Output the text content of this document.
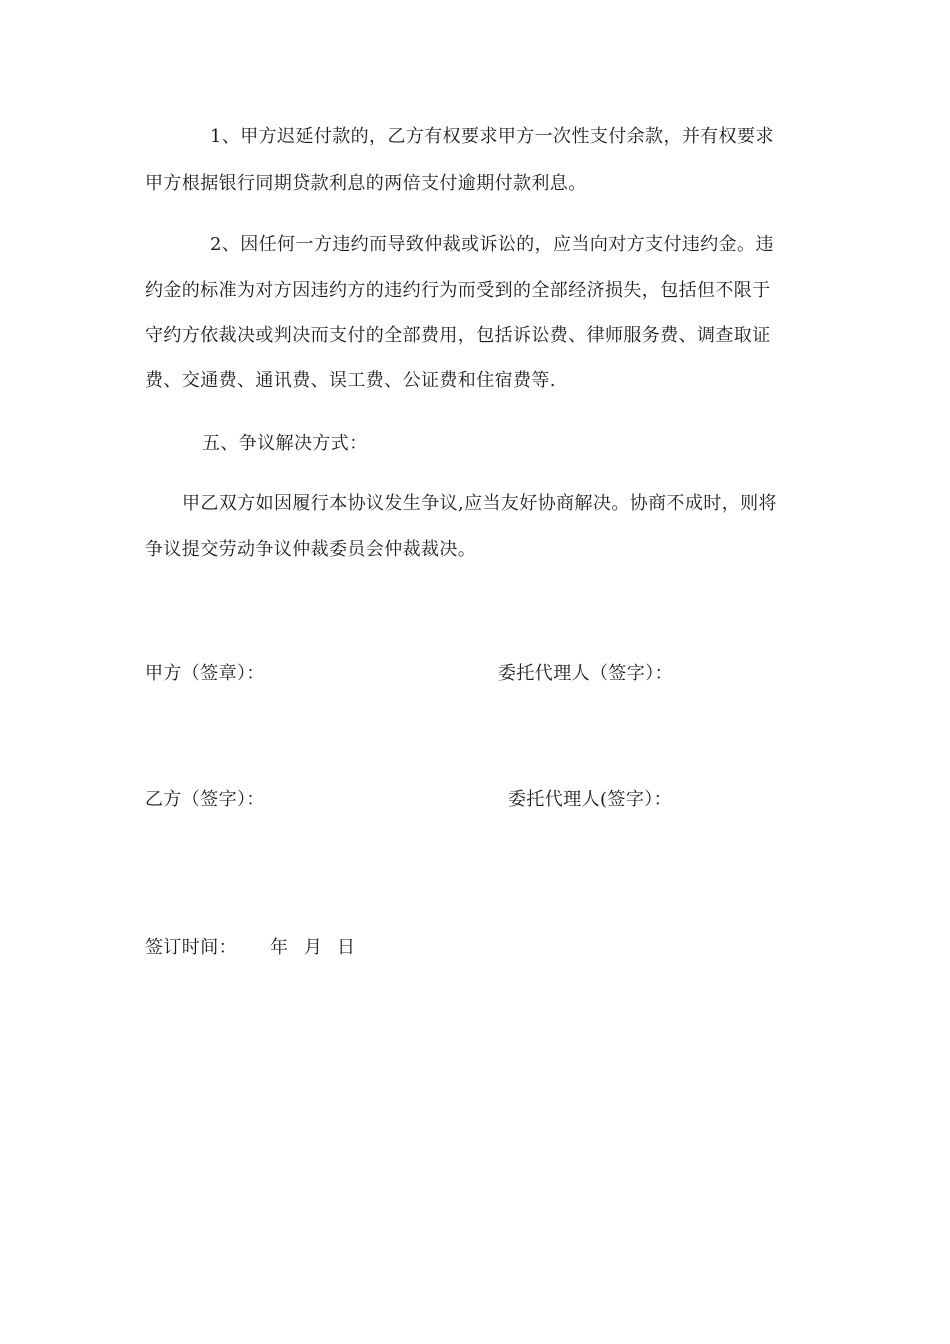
1、甲方迟延付款的，乙方有权要求甲方一次性支付余款，并有权要求
甲方根据银行同期贷款利息的两倍支付逾期付款利息。
2、因任何一方违约而导致仲裁或诉讼的，应当向对方支付违约金。违
约金的标准为对方因违约方的违约行为而受到的全部经济损失，包括但不限于
守约方依裁决或判决而支付的全部费用，包括诉讼费、律师服务费、调查取证
费、交通费、通讯费、误工费、公证费和住宿费等.
五、争议解决方式：
甲乙双方如因履行本协议发生争议,应当友好协商解决。协商不成时，则将
争议提交劳动争议仲裁委员会仲裁裁决。
甲方（签章）：	委托代理人（签字）：
乙方（签字）：	委托代理人(签字）：
签订时间： 年 月 日
